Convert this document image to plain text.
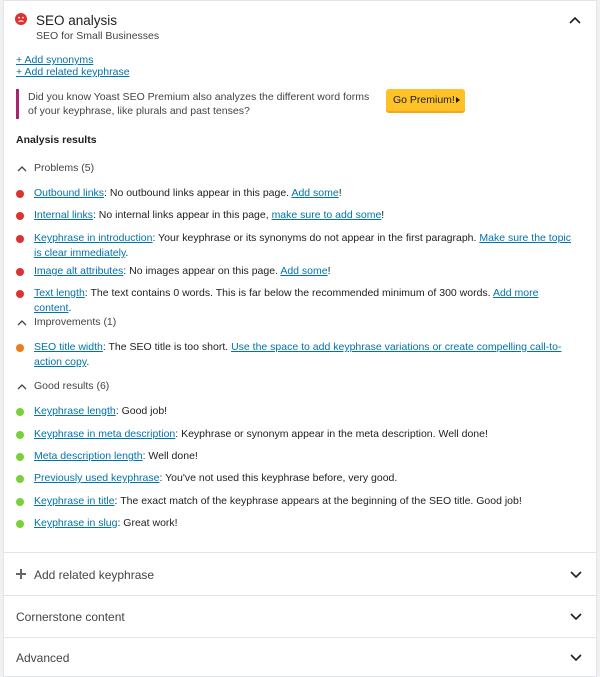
SEO analysis
SEO for Small Businesses
+ Add synonyms
+ Add related keyphrase
Did you know Yoast SEO Premium also analyzes the different word forms of your keyphrase, like plurals and past tenses?
Go Premium!
Analysis results
Problems (5)
Outbound links: No outbound links appear in this page. Add some!
Internal links: No internal links appear in this page, make sure to add some!
Keyphrase in introduction: Your keyphrase or its synonyms do not appear in the first paragraph. Make sure the topic is clear immediately.
Image alt attributes: No images appear on this page. Add some!
Text length: The text contains 0 words. This is far below the recommended minimum of 300 words. Add more content.
Improvements (1)
SEO title width: The SEO title is too short. Use the space to add keyphrase variations or create compelling call-to-action copy.
Good results (6)
Keyphrase length: Good job!
Keyphrase in meta description: Keyphrase or synonym appear in the meta description. Well done!
Meta description length: Well done!
Previously used keyphrase: You've not used this keyphrase before, very good.
Keyphrase in title: The exact match of the keyphrase appears at the beginning of the SEO title. Good job!
Keyphrase in slug: Great work!
Add related keyphrase
Cornerstone content
Advanced
